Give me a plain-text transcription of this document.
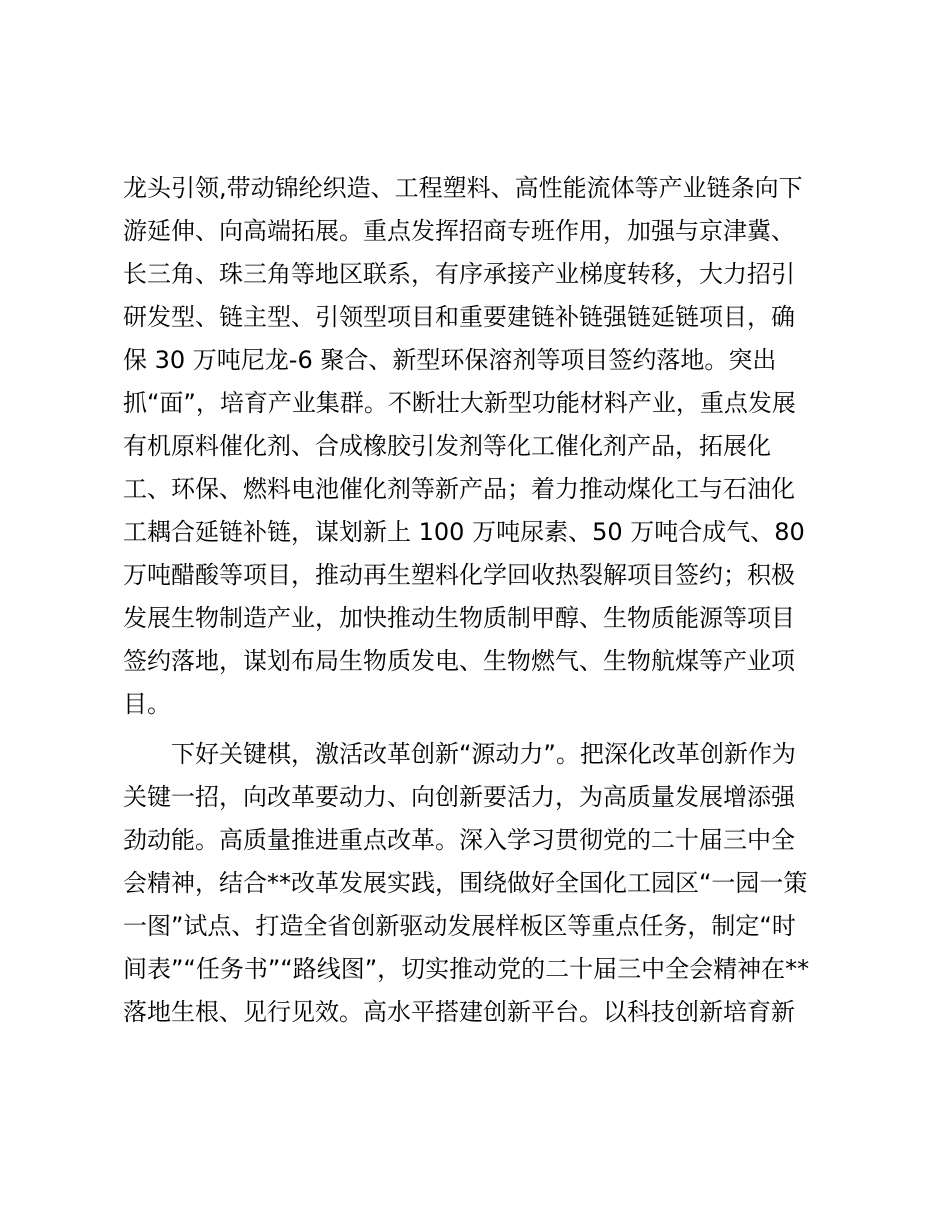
龙头引领,带动锦纶织造、工程塑料、高性能流体等产业链条向下
游延伸、向高端拓展。重点发挥招商专班作用，加强与京津冀、
长三角、珠三角等地区联系，有序承接产业梯度转移，大力招引
研发型、链主型、引领型项目和重要建链补链强链延链项目，确
保 30 万吨尼龙-6 聚合、新型环保溶剂等项目签约落地。突出
抓“面”，培育产业集群。不断壮大新型功能材料产业，重点发展
有机原料催化剂、合成橡胶引发剂等化工催化剂产品，拓展化
工、环保、燃料电池催化剂等新产品；着力推动煤化工与石油化
工耦合延链补链，谋划新上 100 万吨尿素、50 万吨合成气、80
万吨醋酸等项目，推动再生塑料化学回收热裂解项目签约；积极
发展生物制造产业，加快推动生物质制甲醇、生物质能源等项目
签约落地，谋划布局生物质发电、生物燃气、生物航煤等产业项
目。
　　下好关键棋，激活改革创新“源动力”。把深化改革创新作为
关键一招，向改革要动力、向创新要活力，为高质量发展增添强
劲动能。高质量推进重点改革。深入学习贯彻党的二十届三中全
会精神，结合**改革发展实践，围绕做好全国化工园区“一园一策
一图”试点、打造全省创新驱动发展样板区等重点任务，制定“时
间表”“任务书”“路线图”，切实推动党的二十届三中全会精神在**
落地生根、见行见效。高水平搭建创新平台。以科技创新培育新
